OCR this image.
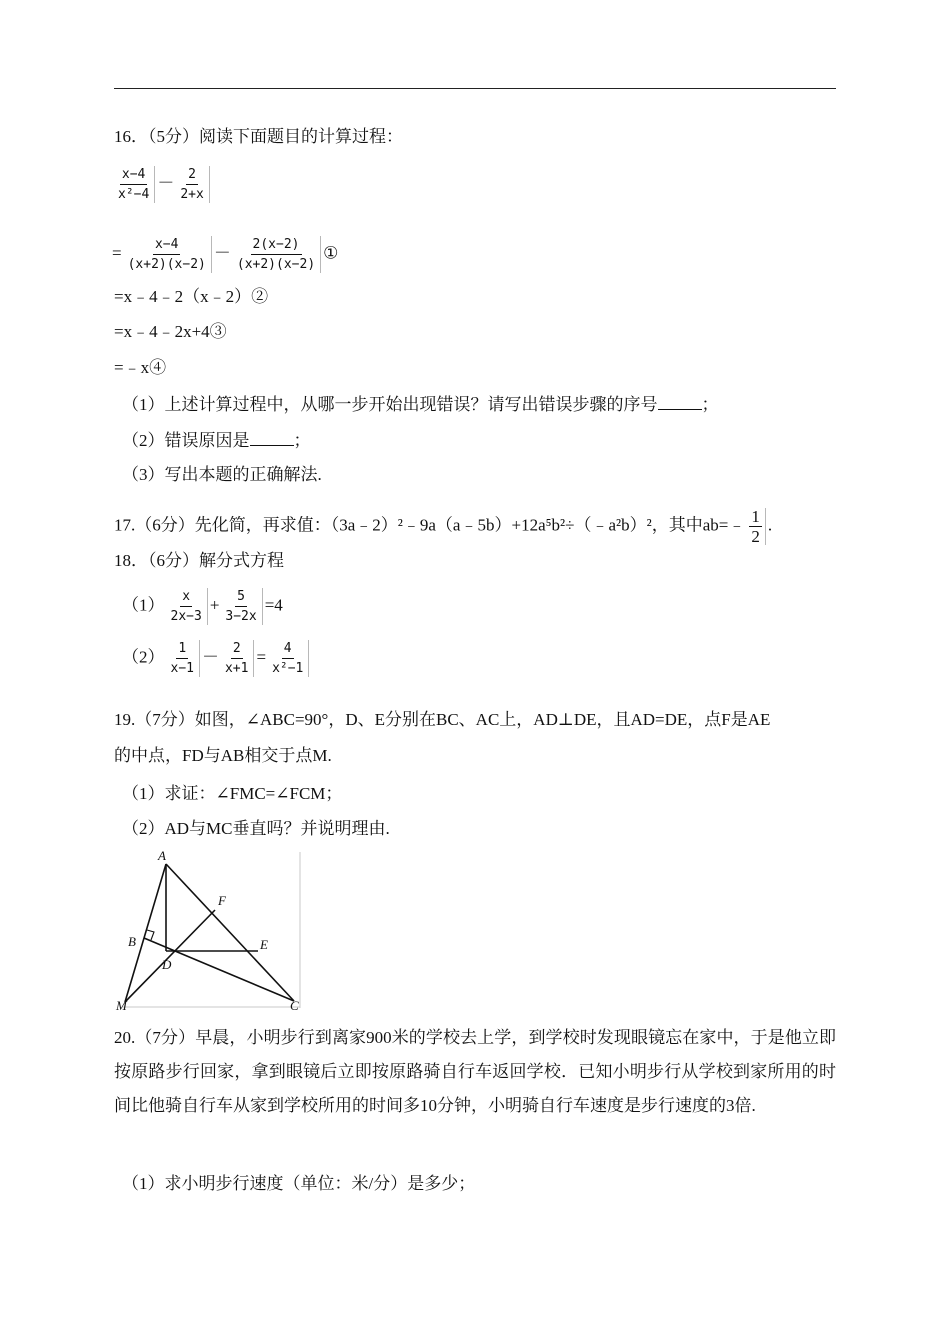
16．（5分）阅读下面题目的计算过程：
$\frac{x-4}{\text{x²−4}} - \frac{2}{2+x}$
= $\frac{x-4}{(x+2)(x-2)} - \frac{2(x-2)}{(x+2)(x-2)}$ ①
=x﹣4﹣2（x﹣2）②
=x﹣4﹣2x+4③
=﹣x④
（1）上述计算过程中，从哪一步开始出现错误？请写出错误步骤的序号	；
（2）错误原因是	；
（3）写出本题的正确解法.
17.（6分）先化简，再求值：（3a﹣2）²﹣9a（a﹣5b）+12a⁵b²÷（﹣a²b）²，其中ab=﹣ $\frac{1}{2}$ .
18．（6分）解分式方程
$(1) \frac{x}{2x-3} + \frac{5}{3-2x} =4$
$(2) \frac{1}{x-1} - \frac{2}{x+1} = \frac{4}{\text{x²−1}}$
19.（7分）如图，∠ABC=90°，D、E分别在BC、AC上，AD⊥DE，且AD=DE，点F是AE
的中点，FD与AB相交于点M.
（1）求证：∠FMC=∠FCM；
（2）AD与MC垂直吗？并说明理由.
A
F
B	E
D
M	C
20.（7分）早晨，小明步行到离家900米的学校去上学，到学校时发现眼镜忘在家中，于是他立即按原路步行回家，拿到眼镜后立即按原路骑自行车返回学校．已知小明步行从学校到家所用的时间比他骑自行车从家到学校所用的时间多10分钟，小明骑自行车速度是步行速度的3倍.
（1）求小明步行速度（单位：米/分）是多少；
